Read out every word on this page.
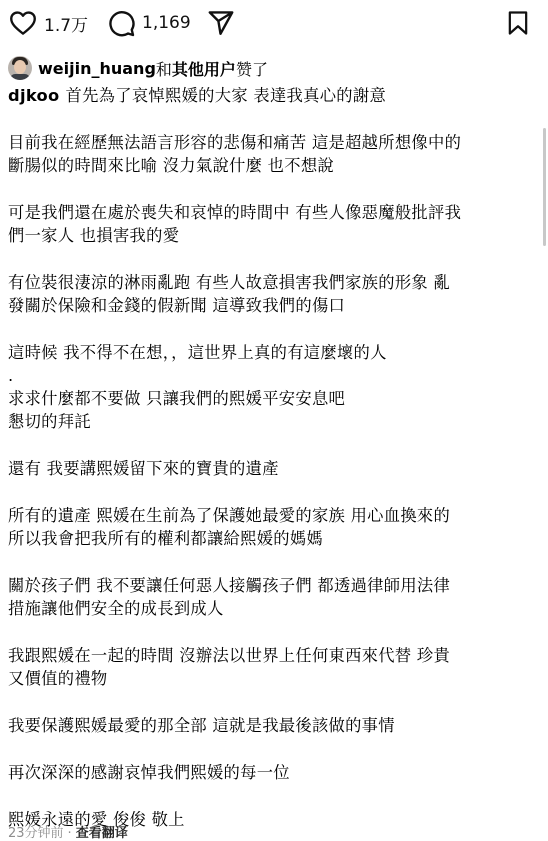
1.7万	1,169
weijin_huang 和 其他用户 赞了
djkoo 首先為了哀悼熙媛的大家 表達我真心的謝意
目前我在經歷無法語言形容的悲傷和痛苦 這是超越所想像中的
斷腸似的時間來比喻 沒力氣說什麼 也不想說
可是我們還在處於喪失和哀悼的時間中 有些人像惡魔般批評我
們一家人 也損害我的愛
有位裝很淒涼的淋雨亂跑 有些人故意損害我們家族的形象 亂
發關於保險和金錢的假新聞 這導致我們的傷口
這時候 我不得不在想，，這世界上真的有這麼壞的人
.
求求什麼都不要做 只讓我們的熙媛平安安息吧
懇切的拜託
還有 我要講熙媛留下來的寶貴的遺產
所有的遺產 熙媛在生前為了保護她最愛的家族 用心血換來的
所以我會把我所有的權利都讓給熙媛的媽媽
關於孩子們 我不要讓任何惡人接觸孩子們 都透過律師用法律
措施讓他們安全的成長到成人
我跟熙媛在一起的時間 沒辦法以世界上任何東西來代替 珍貴
又價值的禮物
我要保護熙媛最愛的那全部 這就是我最後該做的事情
再次深深的感謝哀悼我們熙媛的每一位
熙媛永遠的愛 俊俊 敬上
23分钟前 · 查看翻译
